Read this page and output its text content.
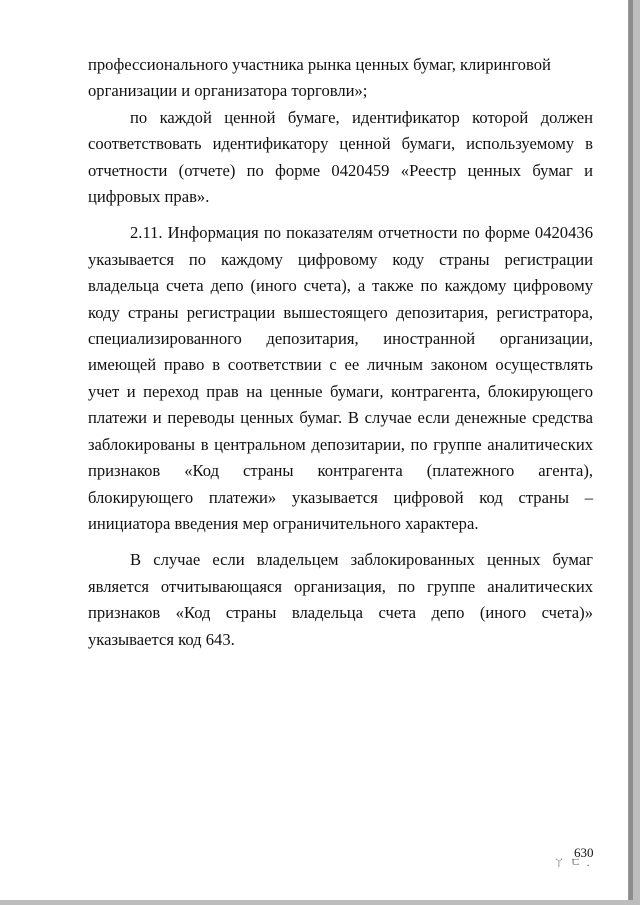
профессионального участника рынка ценных бумаг, клиринговой организации и организатора торговли»;

по каждой ценной бумаге, идентификатор которой должен соответствовать идентификатору ценной бумаги, используемому в отчетности (отчете) по форме 0420459 «Реестр ценных бумаг и цифровых прав».

2.11. Информация по показателям отчетности по форме 0420436 указывается по каждому цифровому коду страны регистрации владельца счета депо (иного счета), а также по каждому цифровому коду страны регистрации вышестоящего депозитария, регистратора, специализированного депозитария, иностранной организации, имеющей право в соответствии с ее личным законом осуществлять учет и переход прав на ценные бумаги, контрагента, блокирующего платежи и переводы ценных бумаг. В случае если денежные средства заблокированы в центральном депозитарии, по группе аналитических признаков «Код страны контрагента (платежного агента), блокирующего платежи» указывается цифровой код страны – инициатора введения мер ограничительного характера.

В случае если владельцем заблокированных ценных бумаг является отчитывающаяся организация, по группе аналитических признаков «Код страны владельца счета депо (иного счета)» указывается код 643.

ㄚ ㄷ .
630
